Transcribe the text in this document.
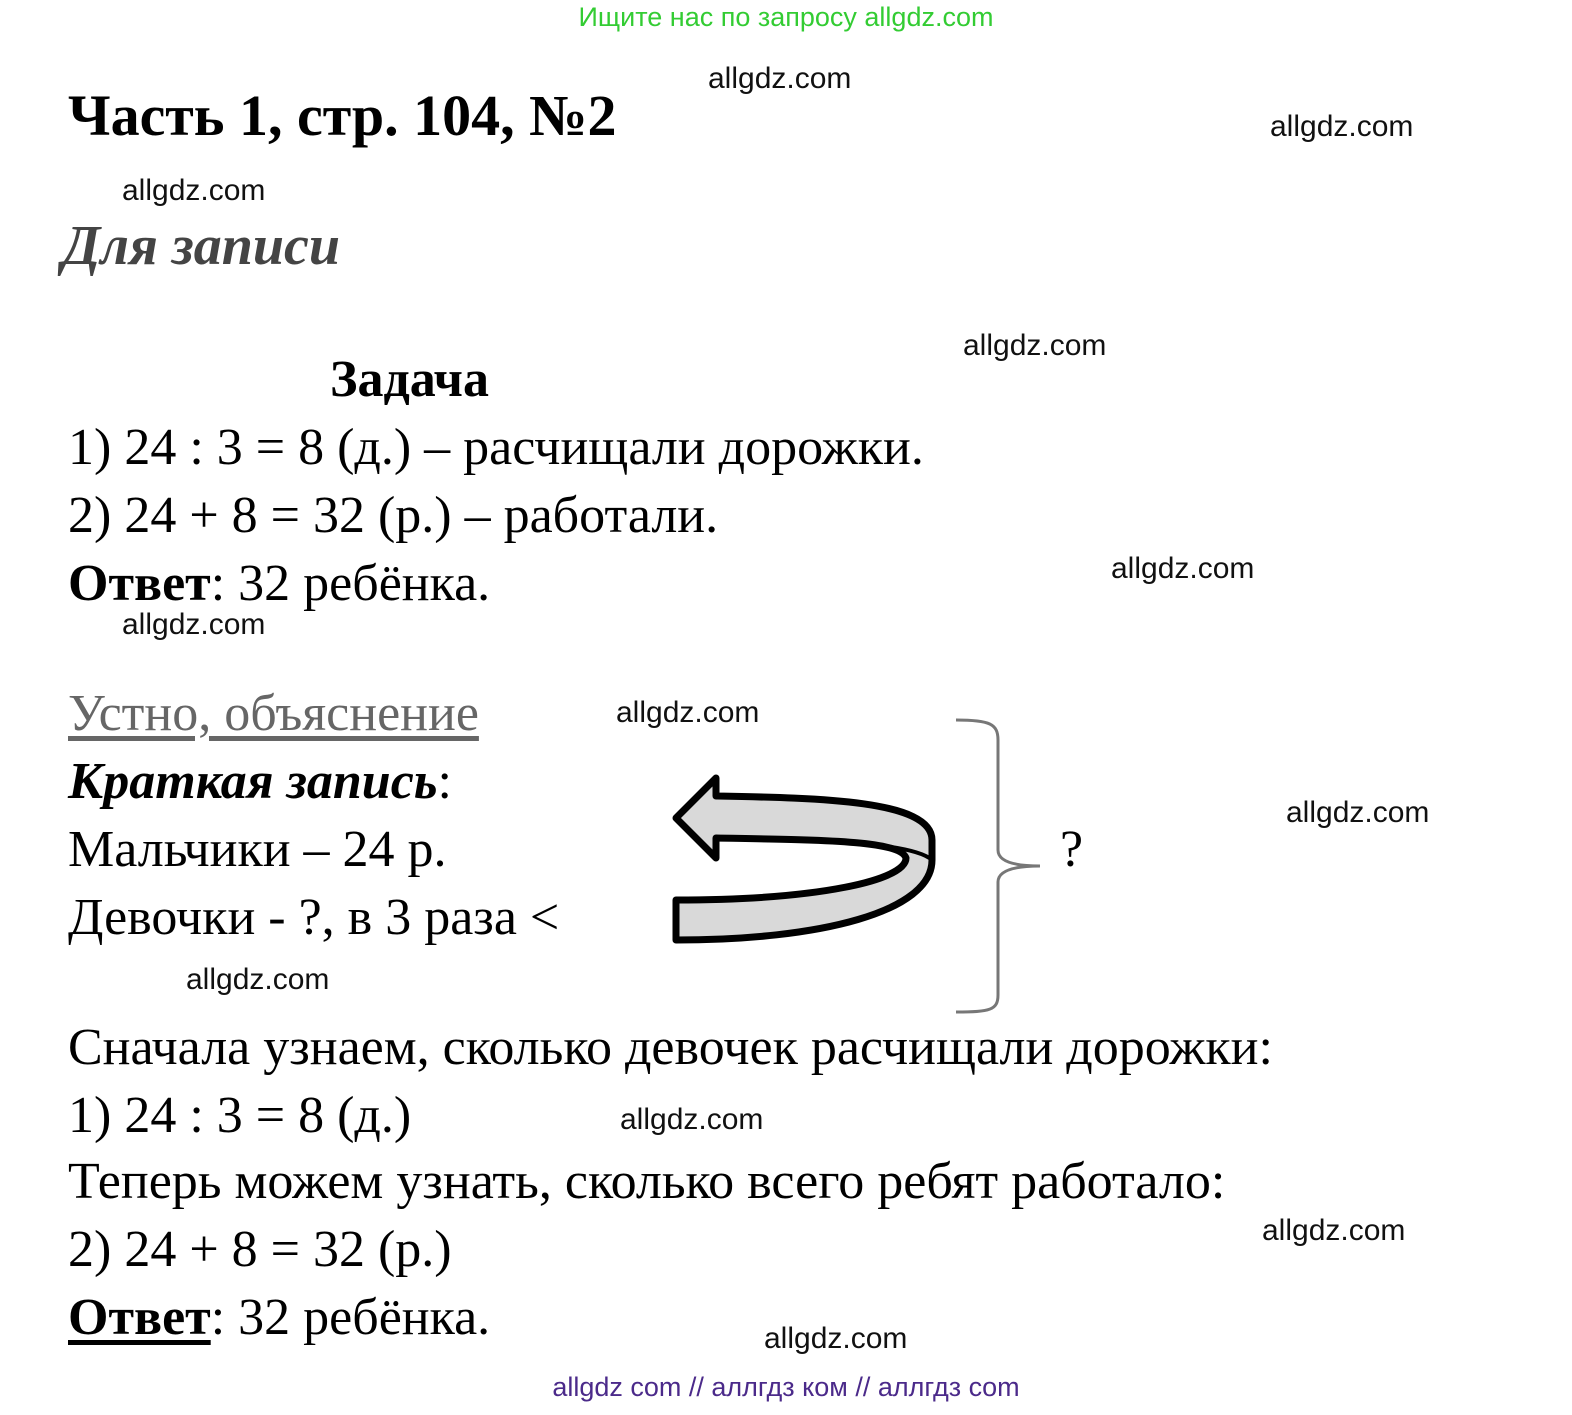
Ищите нас по запросу allgdz.com
Часть 1, стр. 104, №2
Для записи
Задача
1) 24 : 3 = 8 (д.) – расчищали дорожки.
2) 24 + 8 = 32 (р.) – работали.
Ответ: 32 ребёнка.
Устно, объяснение
Краткая запись:
Мальчики – 24 р.
Девочки - ?, в 3 раза <
?
Сначала узнаем, сколько девочек расчищали дорожки:
1) 24 : 3 = 8 (д.)
Теперь можем узнать, сколько всего ребят работало:
2) 24 + 8 = 32 (р.)
Ответ: 32 ребёнка.
allgdz.com
allgdz.com
allgdz.com
allgdz.com
allgdz.com
allgdz.com
allgdz.com
allgdz.com
allgdz.com
allgdz.com
allgdz.com
allgdz.com
allgdz com // аллгдз ком // аллгдз com
